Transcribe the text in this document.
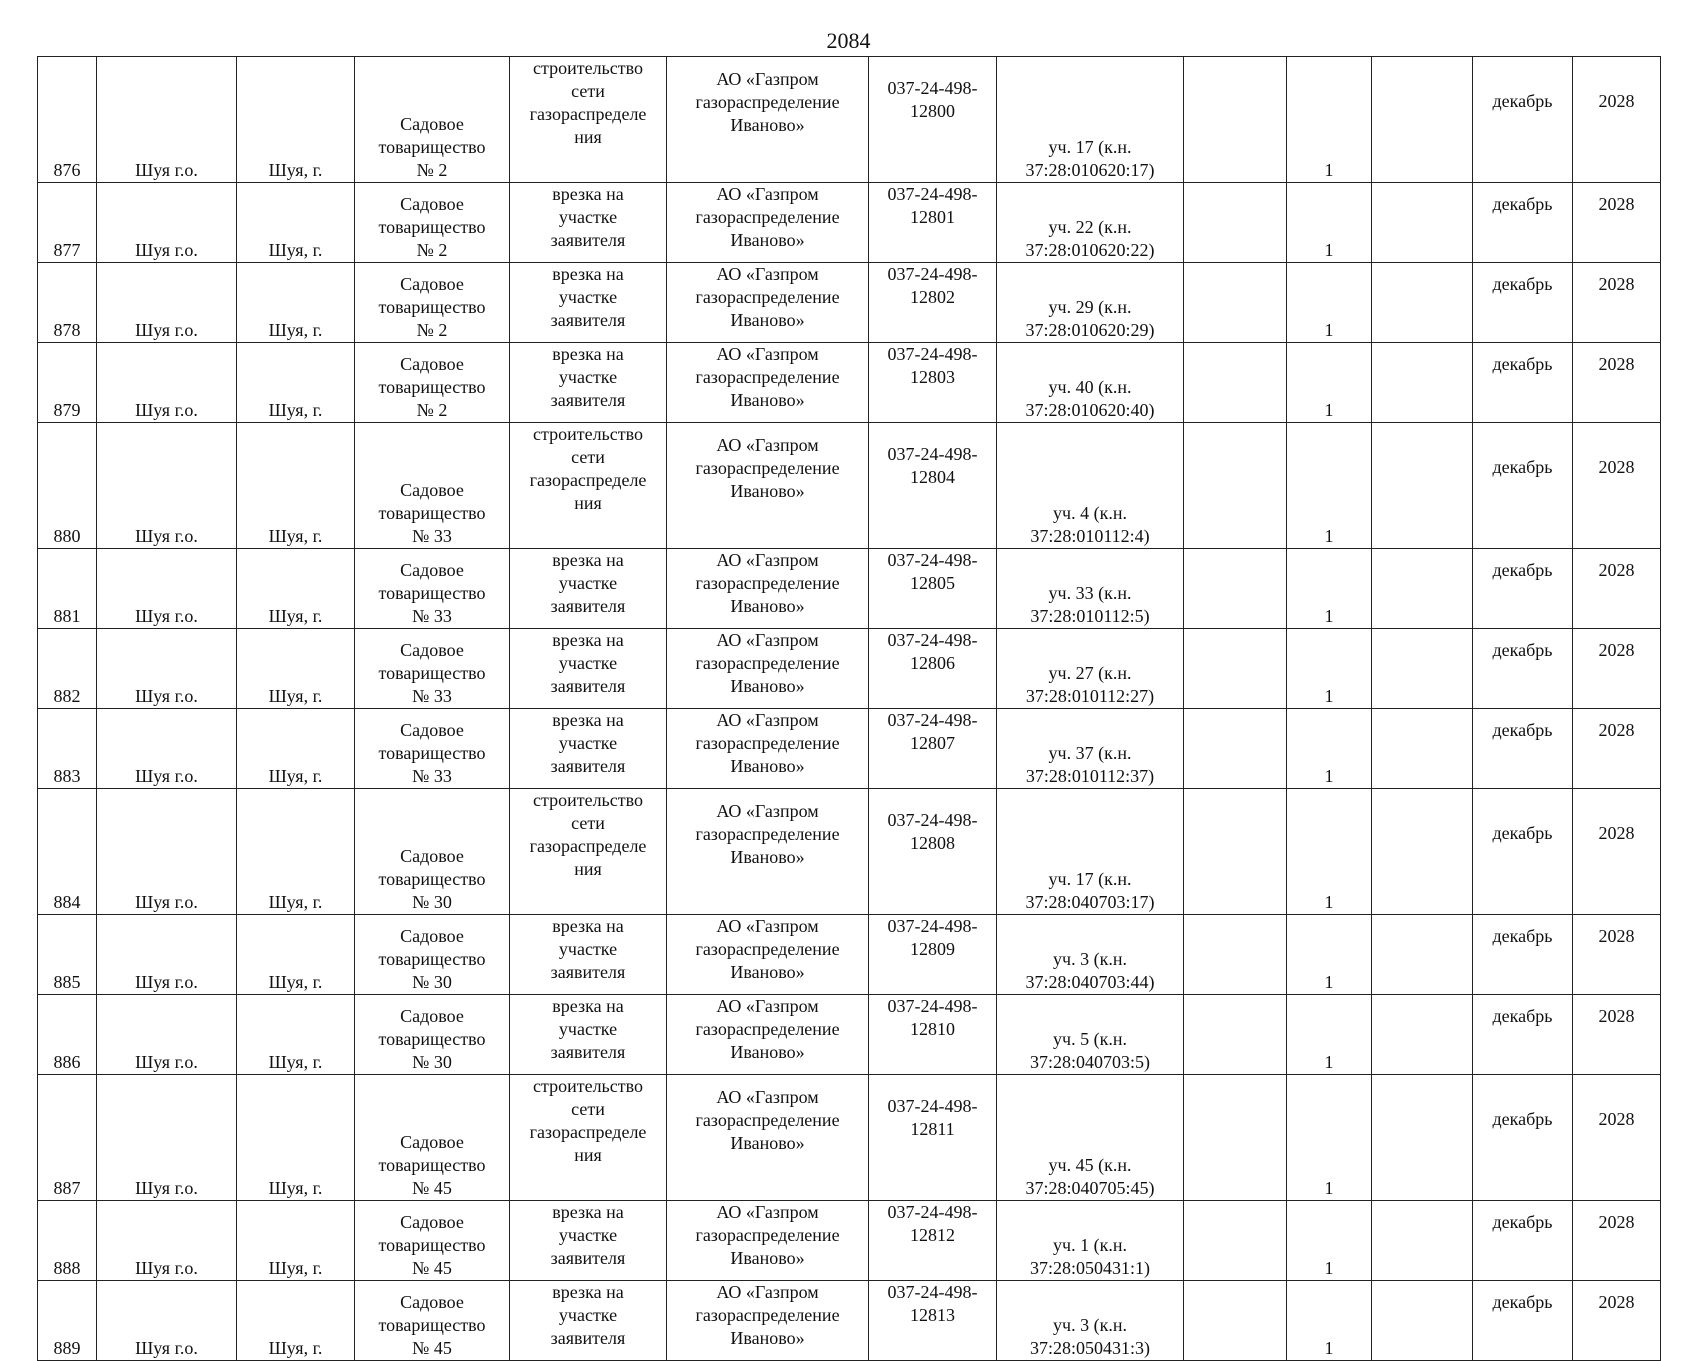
2084
876	Шуя г.о.	Шуя, г.	Садовое
товарищество
№ 2	строительство
сети
газораспределе
ния	АО «Газпром
газораспределение
Иваново»	037-24-498-
12800	уч. 17 (к.н.
37:28:010620:17)		1		декабрь	2028
877	Шуя г.о.	Шуя, г.	Садовое
товарищество
№ 2	врезка на
участке
заявителя	АО «Газпром
газораспределение
Иваново»	037-24-498-
12801	уч. 22 (к.н.
37:28:010620:22)		1		декабрь	2028
878	Шуя г.о.	Шуя, г.	Садовое
товарищество
№ 2	врезка на
участке
заявителя	АО «Газпром
газораспределение
Иваново»	037-24-498-
12802	уч. 29 (к.н.
37:28:010620:29)		1		декабрь	2028
879	Шуя г.о.	Шуя, г.	Садовое
товарищество
№ 2	врезка на
участке
заявителя	АО «Газпром
газораспределение
Иваново»	037-24-498-
12803	уч. 40 (к.н.
37:28:010620:40)		1		декабрь	2028
880	Шуя г.о.	Шуя, г.	Садовое
товарищество
№ 33	строительство
сети
газораспределе
ния	АО «Газпром
газораспределение
Иваново»	037-24-498-
12804	уч. 4 (к.н.
37:28:010112:4)		1		декабрь	2028
881	Шуя г.о.	Шуя, г.	Садовое
товарищество
№ 33	врезка на
участке
заявителя	АО «Газпром
газораспределение
Иваново»	037-24-498-
12805	уч. 33 (к.н.
37:28:010112:5)		1		декабрь	2028
882	Шуя г.о.	Шуя, г.	Садовое
товарищество
№ 33	врезка на
участке
заявителя	АО «Газпром
газораспределение
Иваново»	037-24-498-
12806	уч. 27 (к.н.
37:28:010112:27)		1		декабрь	2028
883	Шуя г.о.	Шуя, г.	Садовое
товарищество
№ 33	врезка на
участке
заявителя	АО «Газпром
газораспределение
Иваново»	037-24-498-
12807	уч. 37 (к.н.
37:28:010112:37)		1		декабрь	2028
884	Шуя г.о.	Шуя, г.	Садовое
товарищество
№ 30	строительство
сети
газораспределе
ния	АО «Газпром
газораспределение
Иваново»	037-24-498-
12808	уч. 17 (к.н.
37:28:040703:17)		1		декабрь	2028
885	Шуя г.о.	Шуя, г.	Садовое
товарищество
№ 30	врезка на
участке
заявителя	АО «Газпром
газораспределение
Иваново»	037-24-498-
12809	уч. 3 (к.н.
37:28:040703:44)		1		декабрь	2028
886	Шуя г.о.	Шуя, г.	Садовое
товарищество
№ 30	врезка на
участке
заявителя	АО «Газпром
газораспределение
Иваново»	037-24-498-
12810	уч. 5 (к.н.
37:28:040703:5)		1		декабрь	2028
887	Шуя г.о.	Шуя, г.	Садовое
товарищество
№ 45	строительство
сети
газораспределе
ния	АО «Газпром
газораспределение
Иваново»	037-24-498-
12811	уч. 45 (к.н.
37:28:040705:45)		1		декабрь	2028
888	Шуя г.о.	Шуя, г.	Садовое
товарищество
№ 45	врезка на
участке
заявителя	АО «Газпром
газораспределение
Иваново»	037-24-498-
12812	уч. 1 (к.н.
37:28:050431:1)		1		декабрь	2028
889	Шуя г.о.	Шуя, г.	Садовое
товарищество
№ 45	врезка на
участке
заявителя	АО «Газпром
газораспределение
Иваново»	037-24-498-
12813	уч. 3 (к.н.
37:28:050431:3)		1		декабрь	2028
